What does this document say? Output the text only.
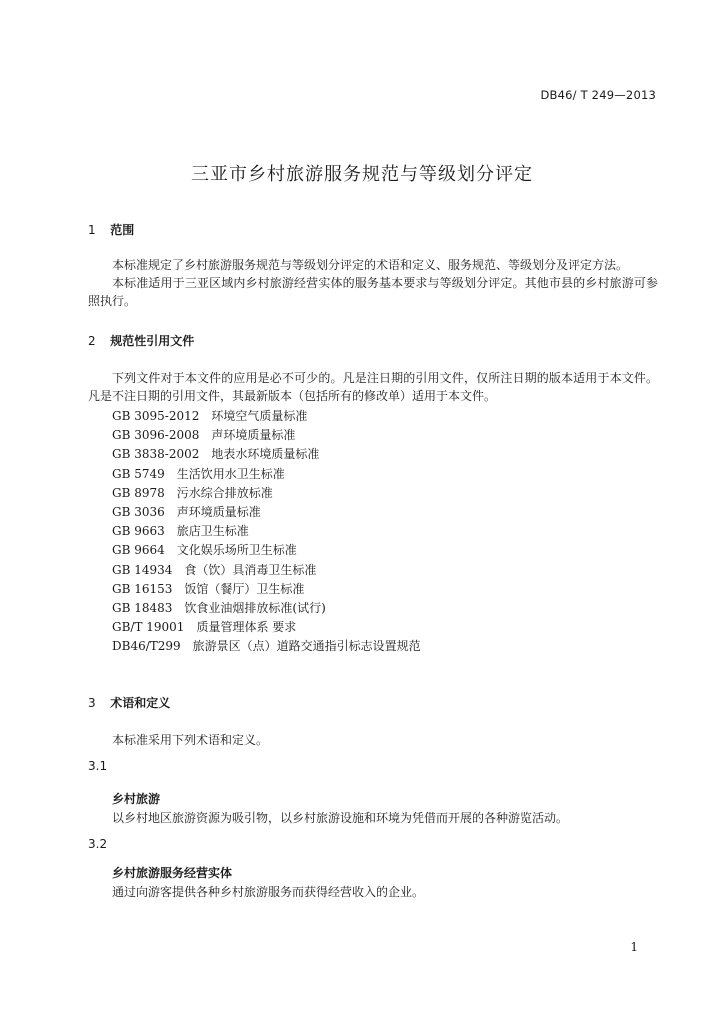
DB46/ T 249—2013
三亚市乡村旅游服务规范与等级划分评定
1 范围
本标准规定了乡村旅游服务规范与等级划分评定的术语和定义、服务规范、等级划分及评定方法。
本标准适用于三亚区域内乡村旅游经营实体的服务基本要求与等级划分评定。其他市县的乡村旅游可参照执行。
2 规范性引用文件
下列文件对于本文件的应用是必不可少的。凡是注日期的引用文件，仅所注日期的版本适用于本文件。凡是不注日期的引用文件，其最新版本（包括所有的修改单）适用于本文件。
GB 3095-2012 环境空气质量标准
GB 3096-2008 声环境质量标准
GB 3838-2002 地表水环境质量标准
GB 5749 生活饮用水卫生标准
GB 8978 污水综合排放标准
GB 3036 声环境质量标准
GB 9663 旅店卫生标准
GB 9664 文化娱乐场所卫生标准
GB 14934 食（饮）具消毒卫生标准
GB 16153 饭馆（餐厅）卫生标准
GB 18483 饮食业油烟排放标准(试行)
GB/T 19001 质量管理体系 要求
DB46/T299 旅游景区（点）道路交通指引标志设置规范
3 术语和定义
本标准采用下列术语和定义。
3.1
乡村旅游
以乡村地区旅游资源为吸引物，以乡村旅游设施和环境为凭借而开展的各种游览活动。
3.2
乡村旅游服务经营实体
通过向游客提供各种乡村旅游服务而获得经营收入的企业。
1
